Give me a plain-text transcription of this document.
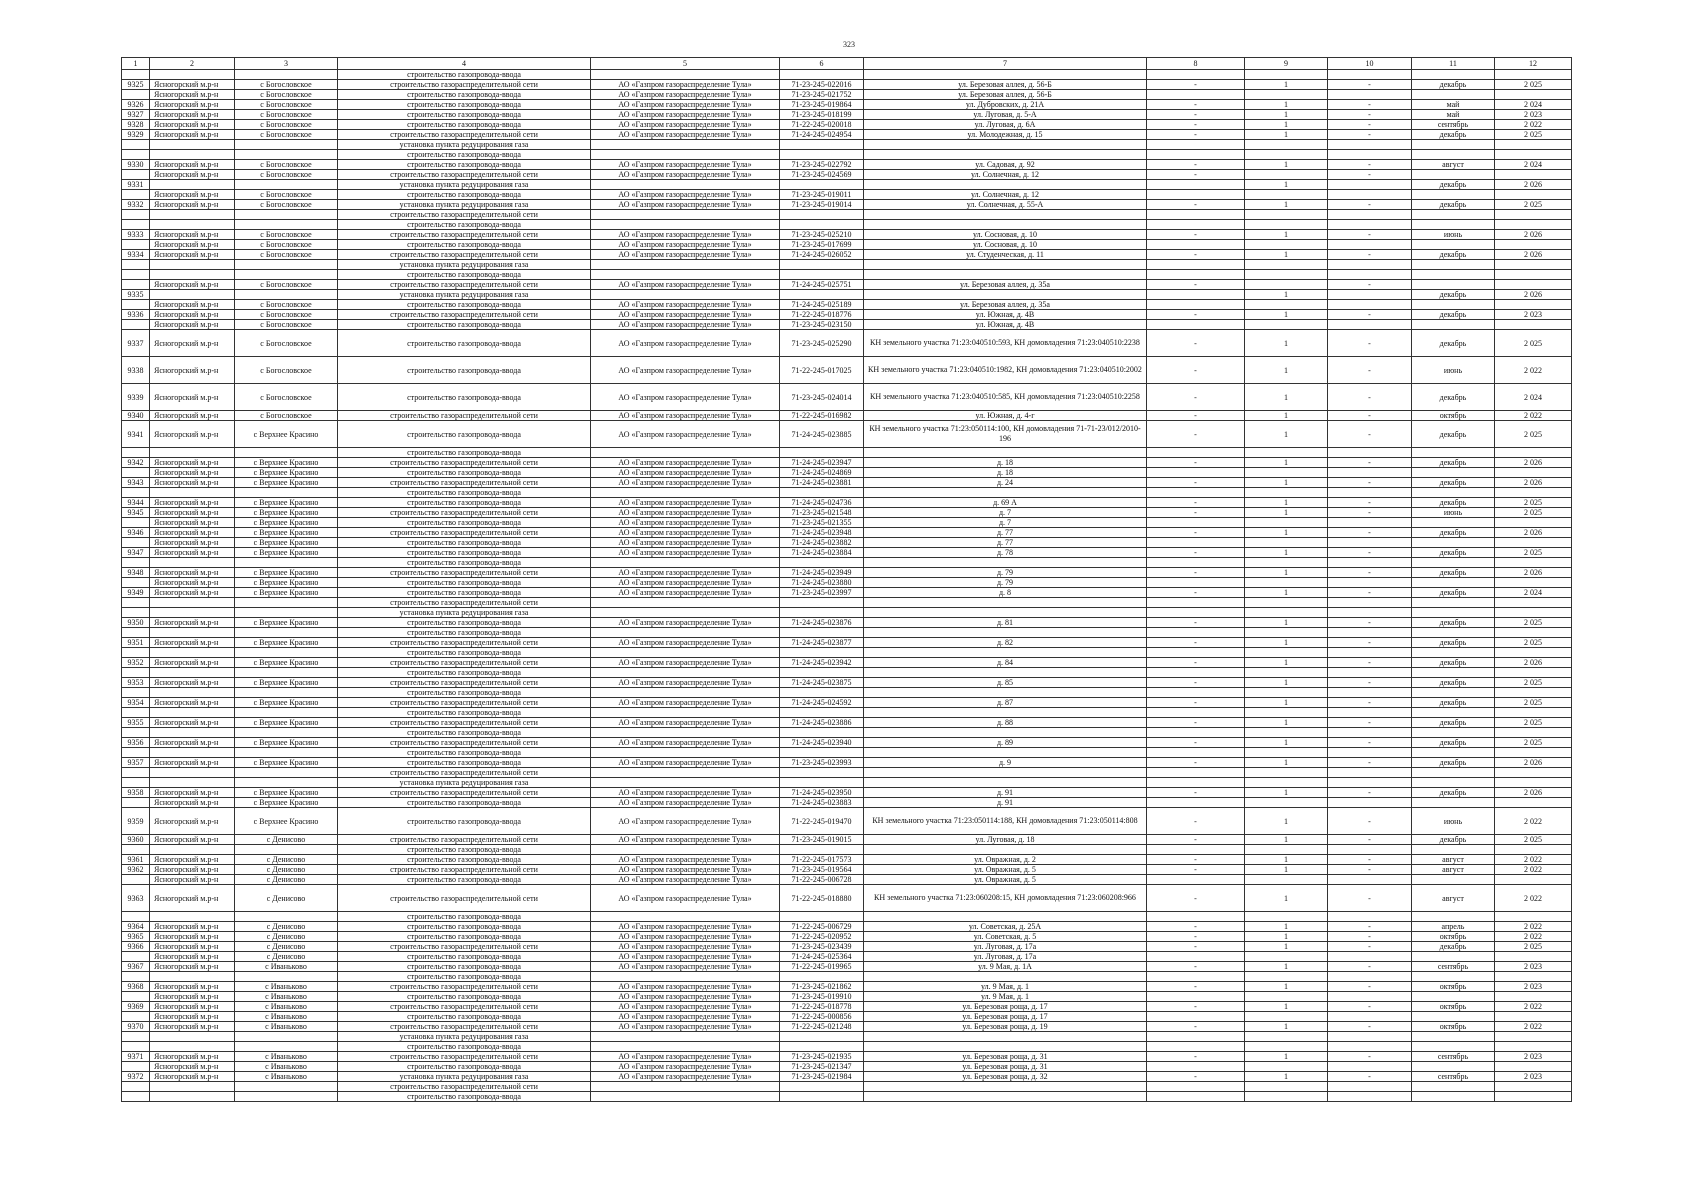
323
1	2	3	4	5	6	7	8	9	10	11	12
			строительство газопровода-ввода								
9325	Ясногорский м.р-н	с Богословское	строительство газораспределительной сети	АО «Газпром газораспределение Тула»	71-23-245-022016	ул. Березовая аллея, д. 56-Б	-	1	-	декабрь	2 025
	Ясногорский м.р-н	с Богословское	строительство газопровода-ввода	АО «Газпром газораспределение Тула»	71-23-245-021752	ул. Березовая аллея, д. 56-Б					
9326	Ясногорский м.р-н	с Богословское	строительство газопровода-ввода	АО «Газпром газораспределение Тула»	71-23-245-019864	ул. Дубровских, д. 21А	-	1	-	май	2 024
9327	Ясногорский м.р-н	с Богословское	строительство газопровода-ввода	АО «Газпром газораспределение Тула»	71-23-245-018199	ул. Луговая, д. 5-А	-	1	-	май	2 023
9328	Ясногорский м.р-н	с Богословское	строительство газопровода-ввода	АО «Газпром газораспределение Тула»	71-22-245-020018	ул. Луговая, д. 6А	-	1	-	сентябрь	2 022
9329	Ясногорский м.р-н	с Богословское	строительство газораспределительной сети	АО «Газпром газораспределение Тула»	71-24-245-024954	ул. Молодежная, д. 15	-	1	-	декабрь	2 025
			установка пункта редуцирования газа								
			строительство газопровода-ввода								
9330	Ясногорский м.р-н	с Богословское	строительство газопровода-ввода	АО «Газпром газораспределение Тула»	71-23-245-022792	ул. Садовая, д. 92	-	1	-	август	2 024
	Ясногорский м.р-н	с Богословское	строительство газораспределительной сети	АО «Газпром газораспределение Тула»	71-23-245-024569	ул. Солнечная, д. 12	-		-		
9331			установка пункта редуцирования газа					1		декабрь	2 026
	Ясногорский м.р-н	с Богословское	строительство газопровода-ввода	АО «Газпром газораспределение Тула»	71-23-245-019011	ул. Солнечная, д. 12					
9332	Ясногорский м.р-н	с Богословское	установка пункта редуцирования газа	АО «Газпром газораспределение Тула»	71-23-245-019014	ул. Солнечная, д. 55-А	-	1	-	декабрь	2 025
			строительство газораспределительной сети								
			строительство газопровода-ввода								
9333	Ясногорский м.р-н	с Богословское	строительство газораспределительной сети	АО «Газпром газораспределение Тула»	71-23-245-025210	ул. Сосновая, д. 10	-	1	-	июнь	2 026
	Ясногорский м.р-н	с Богословское	строительство газопровода-ввода	АО «Газпром газораспределение Тула»	71-23-245-017699	ул. Сосновая, д. 10					
9334	Ясногорский м.р-н	с Богословское	строительство газораспределительной сети	АО «Газпром газораспределение Тула»	71-24-245-026052	ул. Студенческая, д. 11	-	1	-	декабрь	2 026
			установка пункта редуцирования газа								
			строительство газопровода-ввода								
	Ясногорский м.р-н	с Богословское	строительство газораспределительной сети	АО «Газпром газораспределение Тула»	71-24-245-025751	ул. Березовая аллея, д. 35а	-		-		
9335			установка пункта редуцирования газа					1		декабрь	2 026
	Ясногорский м.р-н	с Богословское	строительство газопровода-ввода	АО «Газпром газораспределение Тула»	71-24-245-025189	ул. Березовая аллея, д. 35а					
9336	Ясногорский м.р-н	с Богословское	строительство газораспределительной сети	АО «Газпром газораспределение Тула»	71-22-245-018776	ул. Южная, д. 4В	-	1	-	декабрь	2 023
	Ясногорский м.р-н	с Богословское	строительство газопровода-ввода	АО «Газпром газораспределение Тула»	71-23-245-023150	ул. Южная, д. 4В					
9337	Ясногорский м.р-н	с Богословское	строительство газопровода-ввода	АО «Газпром газораспределение Тула»	71-23-245-025290	КН земельного участка 71:23:040510:593, КН домовладения 71:23:040510:2238	-	1	-	декабрь	2 025
9338	Ясногорский м.р-н	с Богословское	строительство газопровода-ввода	АО «Газпром газораспределение Тула»	71-22-245-017025	КН земельного участка 71:23:040510:1982, КН домовладения 71:23:040510:2002	-	1	-	июнь	2 022
9339	Ясногорский м.р-н	с Богословское	строительство газопровода-ввода	АО «Газпром газораспределение Тула»	71-23-245-024014	КН земельного участка 71:23:040510:585, КН домовладения 71:23:040510:2258	-	1	-	декабрь	2 024
9340	Ясногорский м.р-н	с Богословское	строительство газораспределительной сети	АО «Газпром газораспределение Тула»	71-22-245-016982	ул. Южная, д. 4-г	-	1	-	октябрь	2 022
9341	Ясногорский м.р-н	с Верхнее Красино	строительство газопровода-ввода	АО «Газпром газораспределение Тула»	71-24-245-023885	КН земельного участка 71:23:050114:100, КН домовладения 71-71-23/012/2010-196	-	1	-	декабрь	2 025
			строительство газопровода-ввода								
9342	Ясногорский м.р-н	с Верхнее Красино	строительство газораспределительной сети	АО «Газпром газораспределение Тула»	71-24-245-023947	д. 18	-	1	-	декабрь	2 026
	Ясногорский м.р-н	с Верхнее Красино	строительство газопровода-ввода	АО «Газпром газораспределение Тула»	71-24-245-024869	д. 18					
9343	Ясногорский м.р-н	с Верхнее Красино	строительство газораспределительной сети	АО «Газпром газораспределение Тула»	71-24-245-023881	д. 24	-	1	-	декабрь	2 026
			строительство газопровода-ввода								
9344	Ясногорский м.р-н	с Верхнее Красино	строительство газопровода-ввода	АО «Газпром газораспределение Тула»	71-24-245-024736	д. 69 А	-	1	-	декабрь	2 025
9345	Ясногорский м.р-н	с Верхнее Красино	строительство газораспределительной сети	АО «Газпром газораспределение Тула»	71-23-245-021548	д. 7	-	1	-	июнь	2 025
	Ясногорский м.р-н	с Верхнее Красино	строительство газопровода-ввода	АО «Газпром газораспределение Тула»	71-23-245-021355	д. 7					
9346	Ясногорский м.р-н	с Верхнее Красино	строительство газораспределительной сети	АО «Газпром газораспределение Тула»	71-24-245-023948	д. 77	-	1	-	декабрь	2 026
	Ясногорский м.р-н	с Верхнее Красино	строительство газопровода-ввода	АО «Газпром газораспределение Тула»	71-24-245-023882	д. 77					
9347	Ясногорский м.р-н	с Верхнее Красино	строительство газопровода-ввода	АО «Газпром газораспределение Тула»	71-24-245-023884	д. 78	-	1	-	декабрь	2 025
			строительство газопровода-ввода								
9348	Ясногорский м.р-н	с Верхнее Красино	строительство газораспределительной сети	АО «Газпром газораспределение Тула»	71-24-245-023949	д. 79	-	1	-	декабрь	2 026
	Ясногорский м.р-н	с Верхнее Красино	строительство газопровода-ввода	АО «Газпром газораспределение Тула»	71-24-245-023880	д. 79					
9349	Ясногорский м.р-н	с Верхнее Красино	строительство газопровода-ввода	АО «Газпром газораспределение Тула»	71-23-245-023997	д. 8	-	1	-	декабрь	2 024
			строительство газораспределительной сети								
			установка пункта редуцирования газа								
9350	Ясногорский м.р-н	с Верхнее Красино	строительство газопровода-ввода	АО «Газпром газораспределение Тула»	71-24-245-023876	д. 81	-	1	-	декабрь	2 025
			строительство газопровода-ввода								
9351	Ясногорский м.р-н	с Верхнее Красино	строительство газораспределительной сети	АО «Газпром газораспределение Тула»	71-24-245-023877	д. 82	-	1	-	декабрь	2 025
			строительство газопровода-ввода								
9352	Ясногорский м.р-н	с Верхнее Красино	строительство газораспределительной сети	АО «Газпром газораспределение Тула»	71-24-245-023942	д. 84	-	1	-	декабрь	2 026
			строительство газопровода-ввода								
9353	Ясногорский м.р-н	с Верхнее Красино	строительство газораспределительной сети	АО «Газпром газораспределение Тула»	71-24-245-023875	д. 85	-	1	-	декабрь	2 025
			строительство газопровода-ввода								
9354	Ясногорский м.р-н	с Верхнее Красино	строительство газораспределительной сети	АО «Газпром газораспределение Тула»	71-24-245-024592	д. 87	-	1	-	декабрь	2 025
			строительство газопровода-ввода								
9355	Ясногорский м.р-н	с Верхнее Красино	строительство газораспределительной сети	АО «Газпром газораспределение Тула»	71-24-245-023886	д. 88	-	1	-	декабрь	2 025
			строительство газопровода-ввода								
9356	Ясногорский м.р-н	с Верхнее Красино	строительство газораспределительной сети	АО «Газпром газораспределение Тула»	71-24-245-023940	д. 89	-	1	-	декабрь	2 025
			строительство газопровода-ввода								
9357	Ясногорский м.р-н	с Верхнее Красино	строительство газопровода-ввода	АО «Газпром газораспределение Тула»	71-23-245-023993	д. 9	-	1	-	декабрь	2 026
			строительство газораспределительной сети								
			установка пункта редуцирования газа								
9358	Ясногорский м.р-н	с Верхнее Красино	строительство газораспределительной сети	АО «Газпром газораспределение Тула»	71-24-245-023950	д. 91	-	1	-	декабрь	2 026
	Ясногорский м.р-н	с Верхнее Красино	строительство газопровода-ввода	АО «Газпром газораспределение Тула»	71-24-245-023883	д. 91					
9359	Ясногорский м.р-н	с Верхнее Красино	строительство газопровода-ввода	АО «Газпром газораспределение Тула»	71-22-245-019470	КН земельного участка 71:23:050114:188, КН домовладения 71:23:050114:808	-	1	-	июнь	2 022
9360	Ясногорский м.р-н	с Денисово	строительство газораспределительной сети	АО «Газпром газораспределение Тула»	71-23-245-019015	ул. Луговая, д. 18	-	1	-	декабрь	2 025
			строительство газопровода-ввода								
9361	Ясногорский м.р-н	с Денисово	строительство газопровода-ввода	АО «Газпром газораспределение Тула»	71-22-245-017573	ул. Овражная, д. 2	-	1	-	август	2 022
9362	Ясногорский м.р-н	с Денисово	строительство газораспределительной сети	АО «Газпром газораспределение Тула»	71-23-245-019564	ул. Овражная, д. 5	-	1	-	август	2 022
	Ясногорский м.р-н	с Денисово	строительство газопровода-ввода	АО «Газпром газораспределение Тула»	71-22-245-006728	ул. Овражная, д. 5					
9363	Ясногорский м.р-н	с Денисово	строительство газораспределительной сети	АО «Газпром газораспределение Тула»	71-22-245-018880	КН земельного участка 71:23:060208:15, КН домовладения 71:23:060208:966	-	1	-	август	2 022
			строительство газопровода-ввода								
9364	Ясногорский м.р-н	с Денисово	строительство газопровода-ввода	АО «Газпром газораспределение Тула»	71-22-245-006729	ул. Советская, д. 25А	-	1	-	апрель	2 022
9365	Ясногорский м.р-н	с Денисово	строительство газопровода-ввода	АО «Газпром газораспределение Тула»	71-22-245-020952	ул. Советская, д. 5	-	1	-	октябрь	2 022
9366	Ясногорский м.р-н	с Денисово	строительство газораспределительной сети	АО «Газпром газораспределение Тула»	71-23-245-023439	ул. Луговая, д. 17а	-	1	-	декабрь	2 025
	Ясногорский м.р-н	с Денисово	строительство газопровода-ввода	АО «Газпром газораспределение Тула»	71-24-245-025364	ул. Луговая, д. 17а					
9367	Ясногорский м.р-н	с Иваньково	строительство газопровода-ввода	АО «Газпром газораспределение Тула»	71-22-245-019965	ул. 9 Мая, д. 1А	-	1	-	сентябрь	2 023
			строительство газопровода-ввода								
9368	Ясногорский м.р-н	с Иваньково	строительство газораспределительной сети	АО «Газпром газораспределение Тула»	71-23-245-021862	ул. 9 Мая, д. 1	-	1	-	октябрь	2 023
	Ясногорский м.р-н	с Иваньково	строительство газопровода-ввода	АО «Газпром газораспределение Тула»	71-23-245-019910	ул. 9 Мая, д. 1					
9369	Ясногорский м.р-н	с Иваньково	строительство газораспределительной сети	АО «Газпром газораспределение Тула»	71-22-245-018778	ул. Березовая роща, д. 17	-	1	-	октябрь	2 022
	Ясногорский м.р-н	с Иваньково	строительство газопровода-ввода	АО «Газпром газораспределение Тула»	71-22-245-000856	ул. Березовая роща, д. 17					
9370	Ясногорский м.р-н	с Иваньково	строительство газораспределительной сети	АО «Газпром газораспределение Тула»	71-22-245-021248	ул. Березовая роща, д. 19	-	1	-	октябрь	2 022
			установка пункта редуцирования газа								
			строительство газопровода-ввода								
9371	Ясногорский м.р-н	с Иваньково	строительство газораспределительной сети	АО «Газпром газораспределение Тула»	71-23-245-021935	ул. Березовая роща, д. 31	-	1	-	сентябрь	2 023
	Ясногорский м.р-н	с Иваньково	строительство газопровода-ввода	АО «Газпром газораспределение Тула»	71-23-245-021347	ул. Березовая роща, д. 31					
9372	Ясногорский м.р-н	с Иваньково	установка пункта редуцирования газа	АО «Газпром газораспределение Тула»	71-23-245-021984	ул. Березовая роща, д. 32	-	1	-	сентябрь	2 023
			строительство газораспределительной сети								
			строительство газопровода-ввода								
